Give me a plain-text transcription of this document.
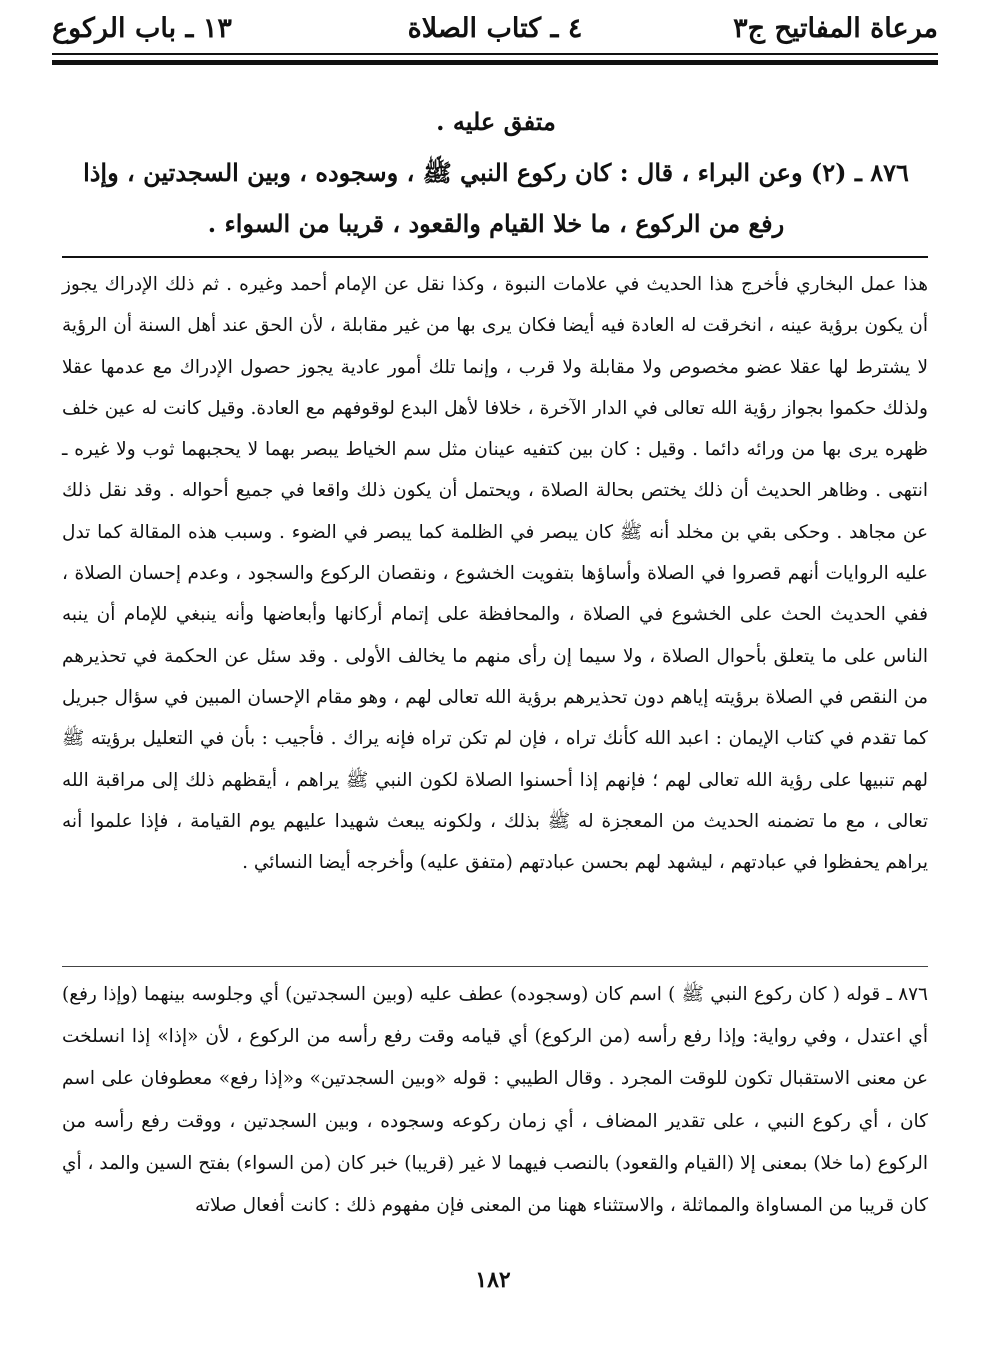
مرعاة المفاتيح ج٣
٤ ـ كتاب الصلاة
١٣ ـ باب الركوع

متفق عليه .

٨٧٦ ـ (٢) وعن البراء ، قال : كان ركوع النبي ﷺ ، وسجوده ، وبين السجدتين ، وإذا رفع من الركوع ، ما خلا القيام والقعود ، قريبا من السواء .

هذا عمل البخاري فأخرج هذا الحديث في علامات النبوة ، وكذا نقل عن الإمام أحمد وغيره . ثم ذلك الإدراك يجوز أن يكون برؤية عينه ، انخرقت له العادة فيه أيضا فكان يرى بها من غير مقابلة ، لأن الحق عند أهل السنة أن الرؤية لا يشترط لها عقلا عضو مخصوص ولا مقابلة ولا قرب ، وإنما تلك أمور عادية يجوز حصول الإدراك مع عدمها عقلا ولذلك حكموا بجواز رؤية الله تعالى في الدار الآخرة ، خلافا لأهل البدع لوقوفهم مع العادة. وقيل كانت له عين خلف ظهره يرى بها من ورائه دائما . وقيل : كان بين كتفيه عينان مثل سم الخياط يبصر بهما لا يحجبهما ثوب ولا غيره ـ انتهى . وظاهر الحديث أن ذلك يختص بحالة الصلاة ، ويحتمل أن يكون ذلك واقعا في جميع أحواله . وقد نقل ذلك عن مجاهد . وحكى بقي بن مخلد أنه ﷺ كان يبصر في الظلمة كما يبصر في الضوء . وسبب هذه المقالة كما تدل عليه الروايات أنهم قصروا في الصلاة وأساؤها بتفويت الخشوع ، ونقصان الركوع والسجود ، وعدم إحسان الصلاة ، ففي الحديث الحث على الخشوع في الصلاة ، والمحافظة على إتمام أركانها وأبعاضها وأنه ينبغي للإمام أن ينبه الناس على ما يتعلق بأحوال الصلاة ، ولا سيما إن رأى منهم ما يخالف الأولى . وقد سئل عن الحكمة في تحذيرهم من النقص في الصلاة برؤيته إياهم دون تحذيرهم برؤية الله تعالى لهم ، وهو مقام الإحسان المبين في سؤال جبريل كما تقدم في كتاب الإيمان : اعبد الله كأنك تراه ، فإن لم تكن تراه فإنه يراك . فأجيب : بأن في التعليل برؤيته ﷺ لهم تنبيها على رؤية الله تعالى لهم ؛ فإنهم إذا أحسنوا الصلاة لكون النبي ﷺ يراهم ، أيقظهم ذلك إلى مراقبة الله تعالى ، مع ما تضمنه الحديث من المعجزة له ﷺ بذلك ، ولكونه يبعث شهيدا عليهم يوم القيامة ، فإذا علموا أنه يراهم يحفظوا في عبادتهم ، ليشهد لهم بحسن عبادتهم (متفق عليه) وأخرجه أيضا النسائي .

٨٧٦ ـ قوله ( كان ركوع النبي ﷺ ) اسم كان (وسجوده) عطف عليه (وبين السجدتين) أي وجلوسه بينهما (وإذا رفع) أي اعتدل ، وفي رواية: وإذا رفع رأسه (من الركوع) أي قيامه وقت رفع رأسه من الركوع ، لأن «إذا» إذا انسلخت عن معنى الاستقبال تكون للوقت المجرد . وقال الطيبي : قوله «وبين السجدتين» و«إذا رفع» معطوفان على اسم كان ، أي ركوع النبي ، على تقدير المضاف ، أي زمان ركوعه وسجوده ، وبين السجدتين ، ووقت رفع رأسه من الركوع (ما خلا) بمعنى إلا (القيام والقعود) بالنصب فيهما لا غير (قريبا) خبر كان (من السواء) بفتح السين والمد ، أي كان قريبا من المساواة والمماثلة ، والاستثناء ههنا من المعنى فإن مفهوم ذلك : كانت أفعال صلاته

١٨٢
